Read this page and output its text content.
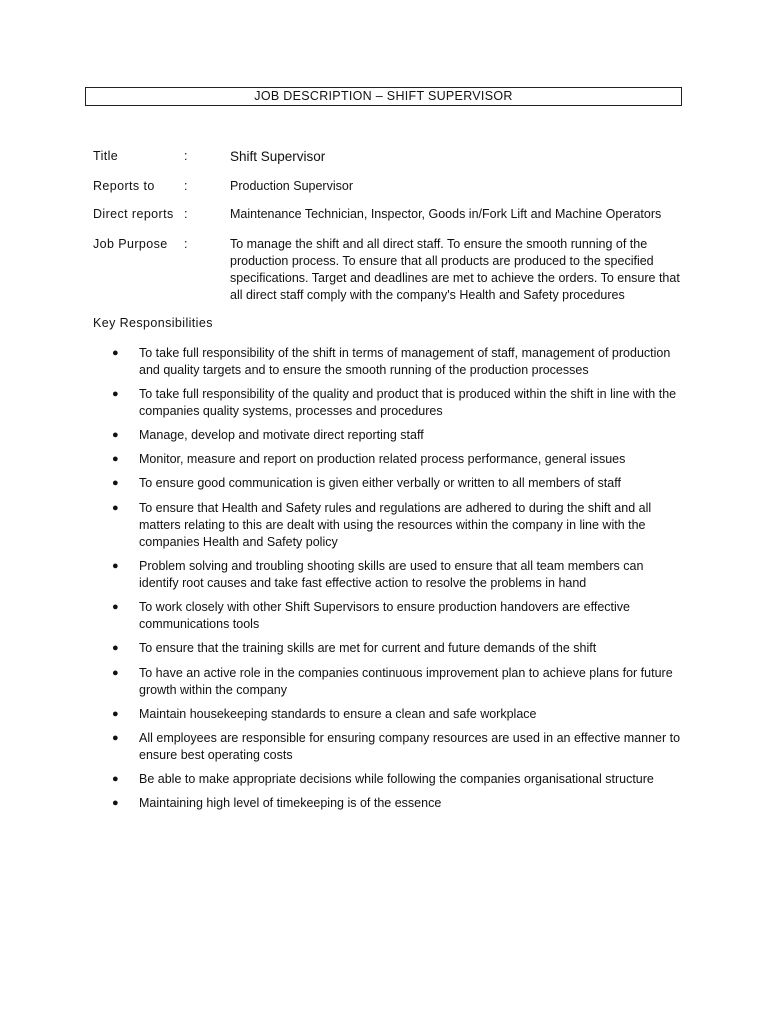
JOB DESCRIPTION – SHIFT SUPERVISOR
Title	:	Shift Supervisor
Reports to :	Production Supervisor
Direct reports :	Maintenance Technician, Inspector, Goods in/Fork Lift and Machine Operators
Job Purpose :	To manage the shift and all direct staff. To ensure the smooth running of the production process. To ensure that all products are produced to the specified specifications. Target and deadlines are met to achieve the orders. To ensure that all direct staff comply with the company's Health and Safety procedures
Key Responsibilities
● To take full responsibility of the shift in terms of management of staff, management of production and quality targets and to ensure the smooth running of the production processes
● To take full responsibility of the quality and product that is produced within the shift in line with the companies quality systems, processes and procedures
● Manage, develop and motivate direct reporting staff
● Monitor, measure and report on production related process performance, general issues
● To ensure good communication is given either verbally or written to all members of staff
● To ensure that Health and Safety rules and regulations are adhered to during the shift and all matters relating to this are dealt with using the resources within the company in line with the companies Health and Safety policy
● Problem solving and troubling shooting skills are used to ensure that all team members can identify root causes and take fast effective action to resolve the problems in hand
● To work closely with other Shift Supervisors to ensure production handovers are effective communications tools
● To ensure that the training skills are met for current and future demands of the shift
● To have an active role in the companies continuous improvement plan to achieve plans for future growth within the company
● Maintain housekeeping standards to ensure a clean and safe workplace
● All employees are responsible for ensuring company resources are used in an effective manner to ensure best operating costs
● Be able to make appropriate decisions while following the companies organisational structure
● Maintaining high level of timekeeping is of the essence
